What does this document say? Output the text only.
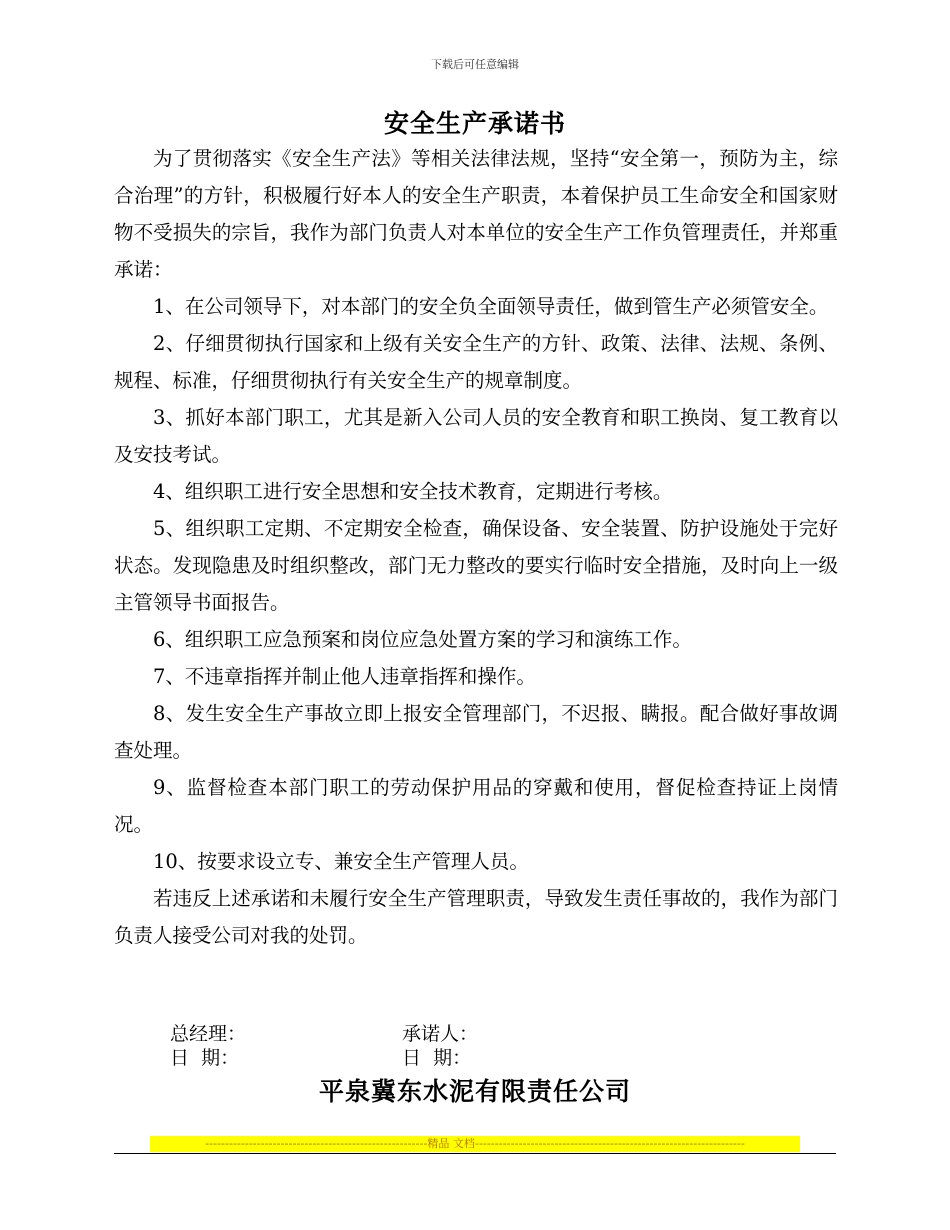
下载后可任意编辑
安全生产承诺书

为了贯彻落实《安全生产法》等相关法律法规，坚持“安全第一，预防为主，综合治理”的方针，积极履行好本人的安全生产职责，本着保护员工生命安全和国家财物不受损失的宗旨，我作为部门负责人对本单位的安全生产工作负管理责任，并郑重承诺：

1、在公司领导下，对本部门的安全负全面领导责任，做到管生产必须管安全。

2、仔细贯彻执行国家和上级有关安全生产的方针、政策、法律、法规、条例、规程、标准，仔细贯彻执行有关安全生产的规章制度。

3、抓好本部门职工，尤其是新入公司人员的安全教育和职工换岗、复工教育以及安技考试。

4、组织职工进行安全思想和安全技术教育，定期进行考核。

5、组织职工定期、不定期安全检查，确保设备、安全装置、防护设施处于完好状态。发现隐患及时组织整改，部门无力整改的要实行临时安全措施，及时向上一级主管领导书面报告。

6、组织职工应急预案和岗位应急处置方案的学习和演练工作。

7、不违章指挥并制止他人违章指挥和操作。

8、发生安全生产事故立即上报安全管理部门，不迟报、瞒报。配合做好事故调查处理。

9、监督检查本部门职工的劳动保护用品的穿戴和使用，督促检查持证上岗情况。

10、按要求设立专、兼安全生产管理人员。

若违反上述承诺和未履行安全生产管理职责，导致发生责任事故的，我作为部门负责人接受公司对我的处罚。

总经理：	承诺人：
日  期：	日  期：
平泉冀东水泥有限责任公司
--------------------------------------------------------精品 文档--------------------------------------------------------------------
